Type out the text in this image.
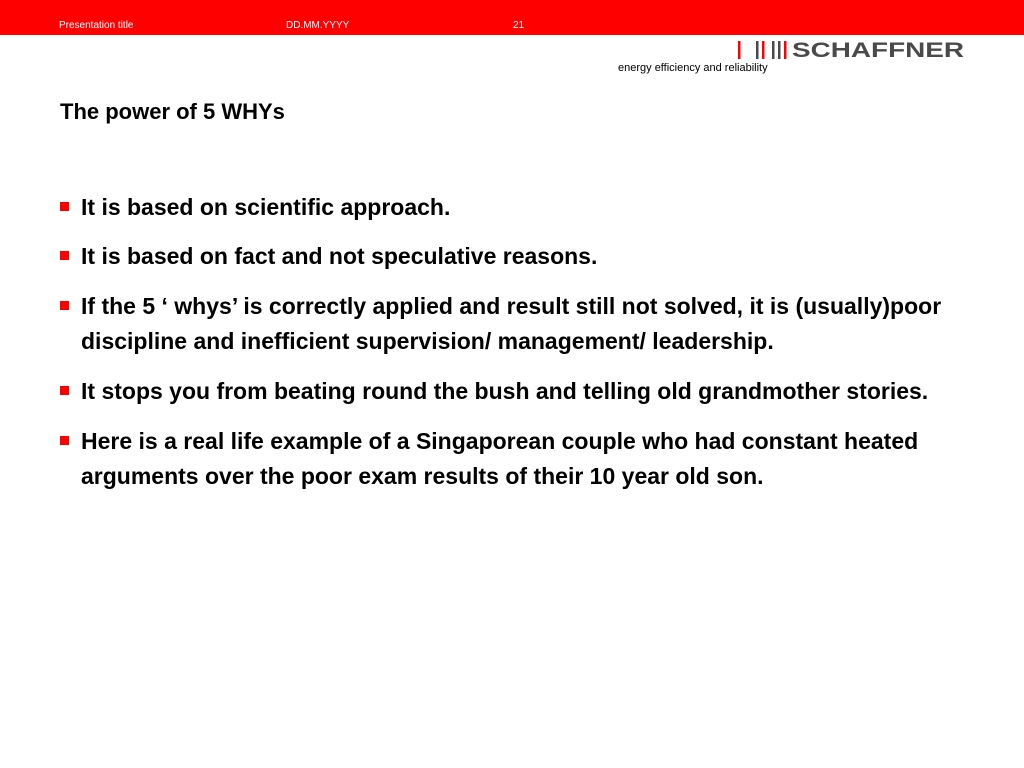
Presentation title	DD.MM.YYYY	21
SCHAFFNER
energy efficiency and reliability
The power of 5 WHYs
It is based on scientific approach.
It is based on fact and not speculative reasons.
If the 5 ‘ whys’ is correctly applied and result still not solved, it is (usually)poor discipline and inefficient supervision/ management/ leadership.
It stops you from beating round the bush and telling old grandmother stories.
Here is a real life example of a Singaporean couple who had constant heated arguments over the poor exam results of their 10 year old son.
